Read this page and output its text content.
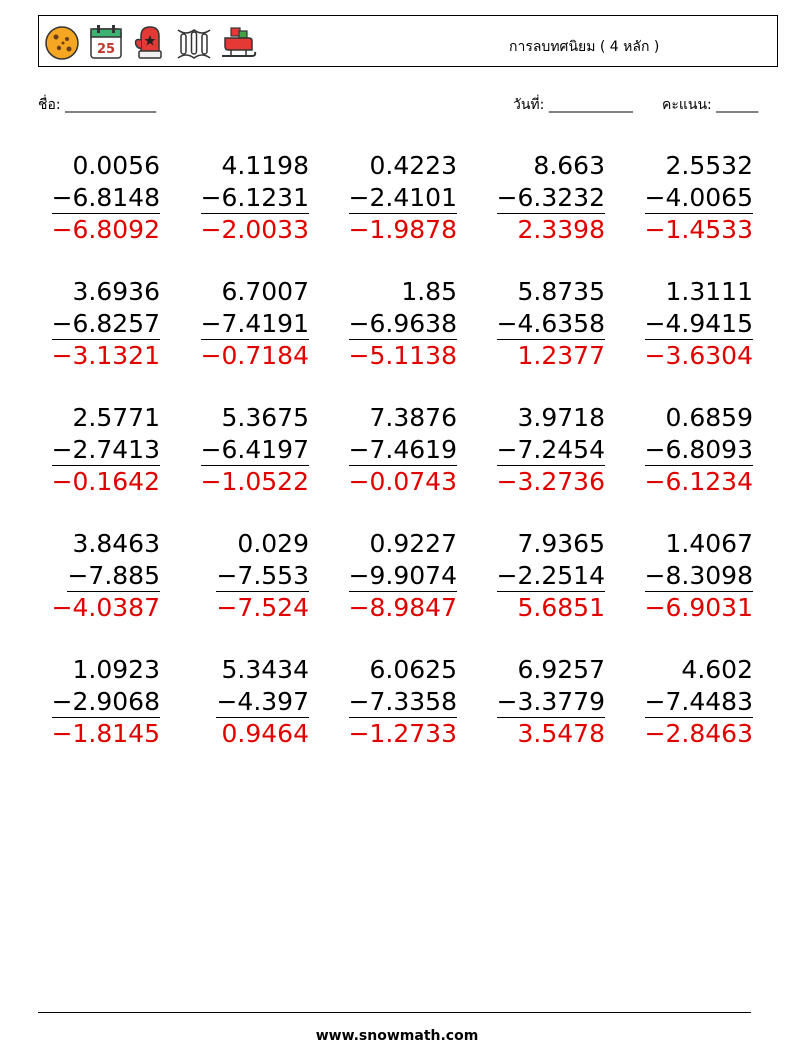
25	การลบทศนิยม ( 4 หลัก )
ชื่อ: _____________	วันที่: ____________ คะแนน: ______
0.0056
−6.8148
−6.8092
4.1198
−6.1231
−2.0033
0.4223
−2.4101
−1.9878
8.663
−6.3232
2.3398
2.5532
−4.0065
−1.4533
3.6936
−6.8257
−3.1321
6.7007
−7.4191
−0.7184
1.85
−6.9638
−5.1138
5.8735
−4.6358
1.2377
1.3111
−4.9415
−3.6304
2.5771
−2.7413
−0.1642
5.3675
−6.4197
−1.0522
7.3876
−7.4619
−0.0743
3.9718
−7.2454
−3.2736
0.6859
−6.8093
−6.1234
3.8463
−7.885
−4.0387
0.029
−7.553
−7.524
0.9227
−9.9074
−8.9847
7.9365
−2.2514
5.6851
1.4067
−8.3098
−6.9031
1.0923
−2.9068
−1.8145
5.3434
−4.397
0.9464
6.0625
−7.3358
−1.2733
6.9257
−3.3779
3.5478
4.602
−7.4483
−2.8463
www.snowmath.com
